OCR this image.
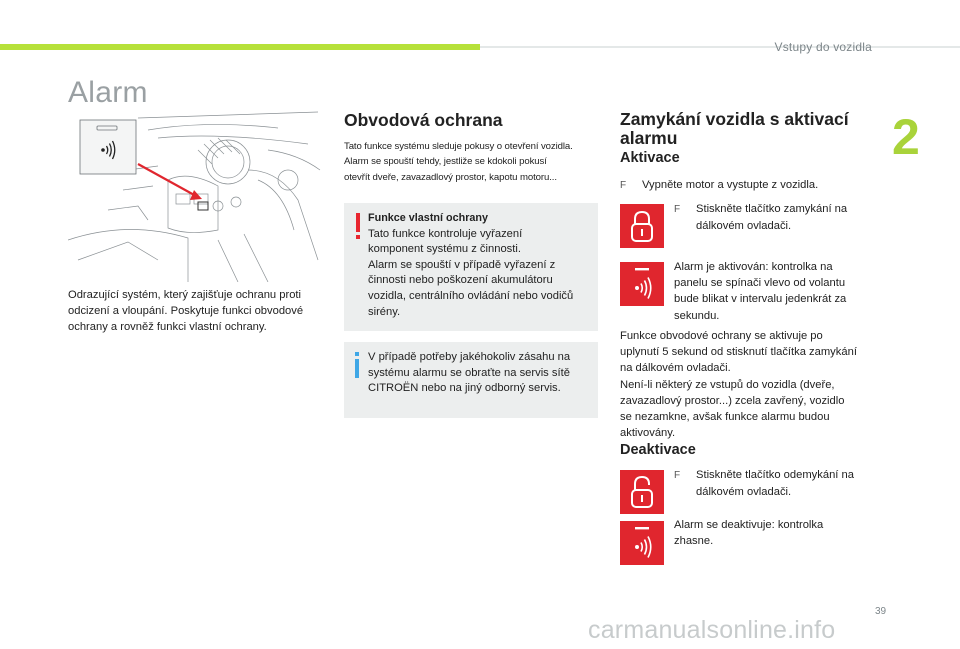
Vstupy do vozidla
2
Alarm
Odrazující systém, který zajišťuje ochranu proti odcizení a vloupání. Poskytuje funkci obvodové ochrany a rovněž funkci vlastní ochrany.
Obvodová ochrana
Tato funkce systému sleduje pokusy o otevření vozidla.
Alarm se spouští tehdy, jestliže se kdokoli pokusí
otevřít dveře, zavazadlový prostor, kapotu motoru...
Funkce vlastní ochrany
Tato funkce kontroluje vyřazení
komponent systému z činnosti.
Alarm se spouští v případě vyřazení z
činnosti nebo poškození akumulátoru
vozidla, centrálního ovládání nebo vodičů
sirény.
V případě potřeby jakéhokoliv zásahu na
systému alarmu se obraťte na servis sítě
CITROËN nebo na jiný odborný servis.
Zamykání vozidla s aktivací
alarmu
Aktivace
F Vypněte motor a vystupte z vozidla.
F Stiskněte tlačítko zamykání na
dálkovém ovladači.
Alarm je aktivován: kontrolka na
panelu se spínači vlevo od volantu
bude blikat v intervalu jedenkrát za
sekundu.
Funkce obvodové ochrany se aktivuje po
uplynutí 5 sekund od stisknutí tlačítka zamykání
na dálkovém ovladači.
Není-li některý ze vstupů do vozidla (dveře,
zavazadlový prostor...) zcela zavřený, vozidlo
se nezamkne, avšak funkce alarmu budou
aktivovány.
Deaktivace
F Stiskněte tlačítko odemykání na
dálkovém ovladači.
Alarm se deaktivuje: kontrolka
zhasne.
39
carmanualsonline.info
